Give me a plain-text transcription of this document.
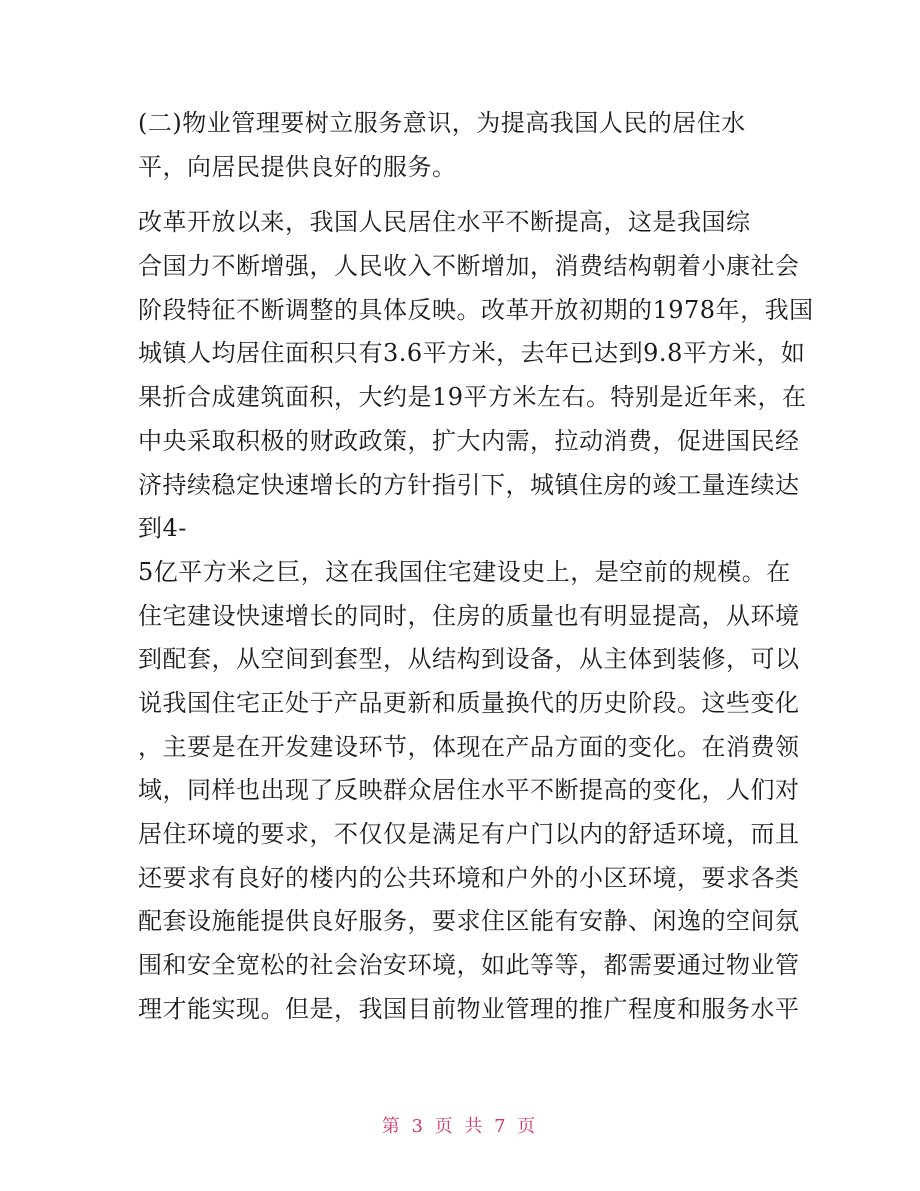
(二)物业管理要树立服务意识，为提高我国人民的居住水
平，向居民提供良好的服务。
改革开放以来，我国人民居住水平不断提高，这是我国综
合国力不断增强，人民收入不断增加，消费结构朝着小康社会
阶段特征不断调整的具体反映。改革开放初期的1978年，我国
城镇人均居住面积只有3.6平方米，去年已达到9.8平方米，如
果折合成建筑面积，大约是19平方米左右。特别是近年来，在
中央采取积极的财政政策，扩大内需，拉动消费，促进国民经
济持续稳定快速增长的方针指引下，城镇住房的竣工量连续达
到4-
5亿平方米之巨，这在我国住宅建设史上，是空前的规模。在
住宅建设快速增长的同时，住房的质量也有明显提高，从环境
到配套，从空间到套型，从结构到设备，从主体到装修，可以
说我国住宅正处于产品更新和质量换代的历史阶段。这些变化
，主要是在开发建设环节，体现在产品方面的变化。在消费领
域，同样也出现了反映群众居住水平不断提高的变化，人们对
居住环境的要求，不仅仅是满足有户门以内的舒适环境，而且
还要求有良好的楼内的公共环境和户外的小区环境，要求各类
配套设施能提供良好服务，要求住区能有安静、闲逸的空间氛
围和安全宽松的社会治安环境，如此等等，都需要通过物业管
理才能实现。但是，我国目前物业管理的推广程度和服务水平
第 3 页 共 7 页
